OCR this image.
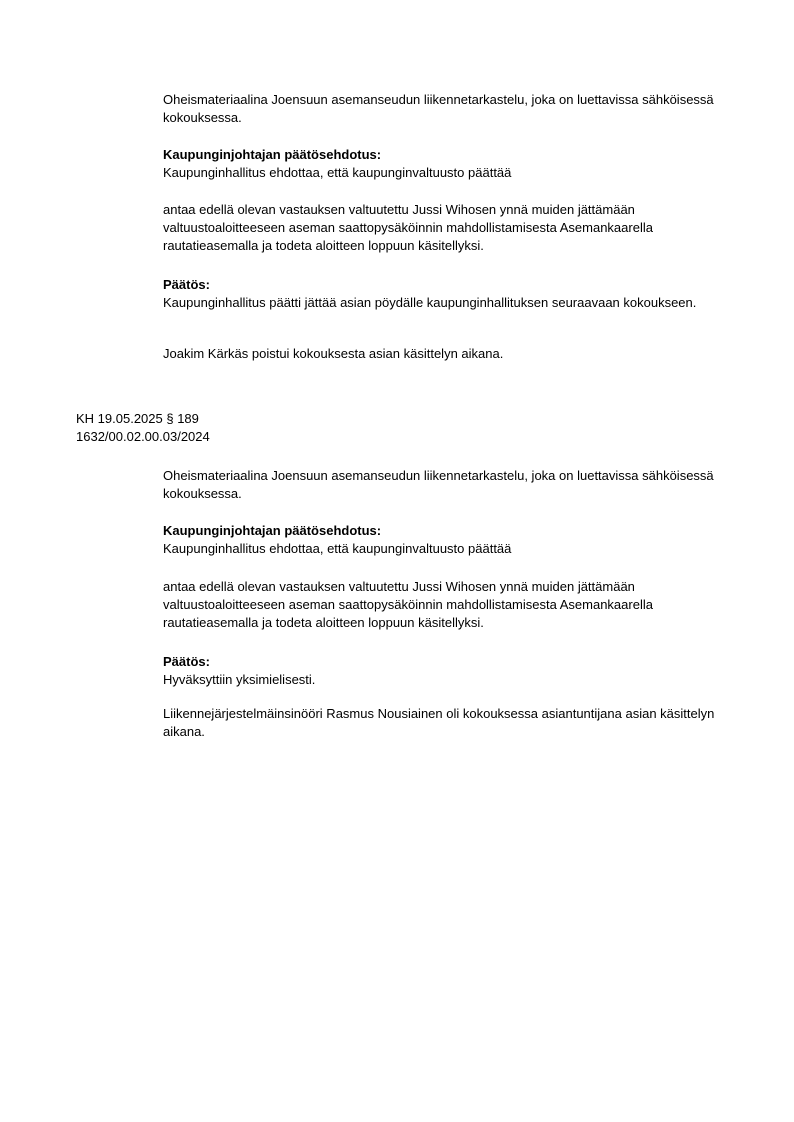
Oheismateriaalina Joensuun asemanseudun liikennetarkastelu, joka on luettavissa sähköisessä kokouksessa.

Kaupunginjohtajan päätösehdotus:

Kaupunginhallitus ehdottaa, että kaupunginvaltuusto päättää

antaa edellä olevan vastauksen valtuutettu Jussi Wihosen ynnä muiden jättämään valtuustoaloitteeseen aseman saattopysäköinnin mahdollistamisesta Asemankaarella rautatieasemalla ja todeta aloitteen loppuun käsitellyksi.

Päätös:

Kaupunginhallitus päätti jättää asian pöydälle kaupunginhallituksen seuraavaan kokoukseen.

Joakim Kärkäs poistui kokouksesta asian käsittelyn aikana.

KH 19.05.2025 § 189
1632/00.02.00.03/2024

Oheismateriaalina Joensuun asemanseudun liikennetarkastelu, joka on luettavissa sähköisessä kokouksessa.

Kaupunginjohtajan päätösehdotus:

Kaupunginhallitus ehdottaa, että kaupunginvaltuusto päättää

antaa edellä olevan vastauksen valtuutettu Jussi Wihosen ynnä muiden jättämään valtuustoaloitteeseen aseman saattopysäköinnin mahdollistamisesta Asemankaarella rautatieasemalla ja todeta aloitteen loppuun käsitellyksi.

Päätös:

Hyväksyttiin yksimielisesti.

Liikennejärjestelmäinsinööri Rasmus Nousiainen oli kokouksessa asiantuntijana asian käsittelyn aikana.
